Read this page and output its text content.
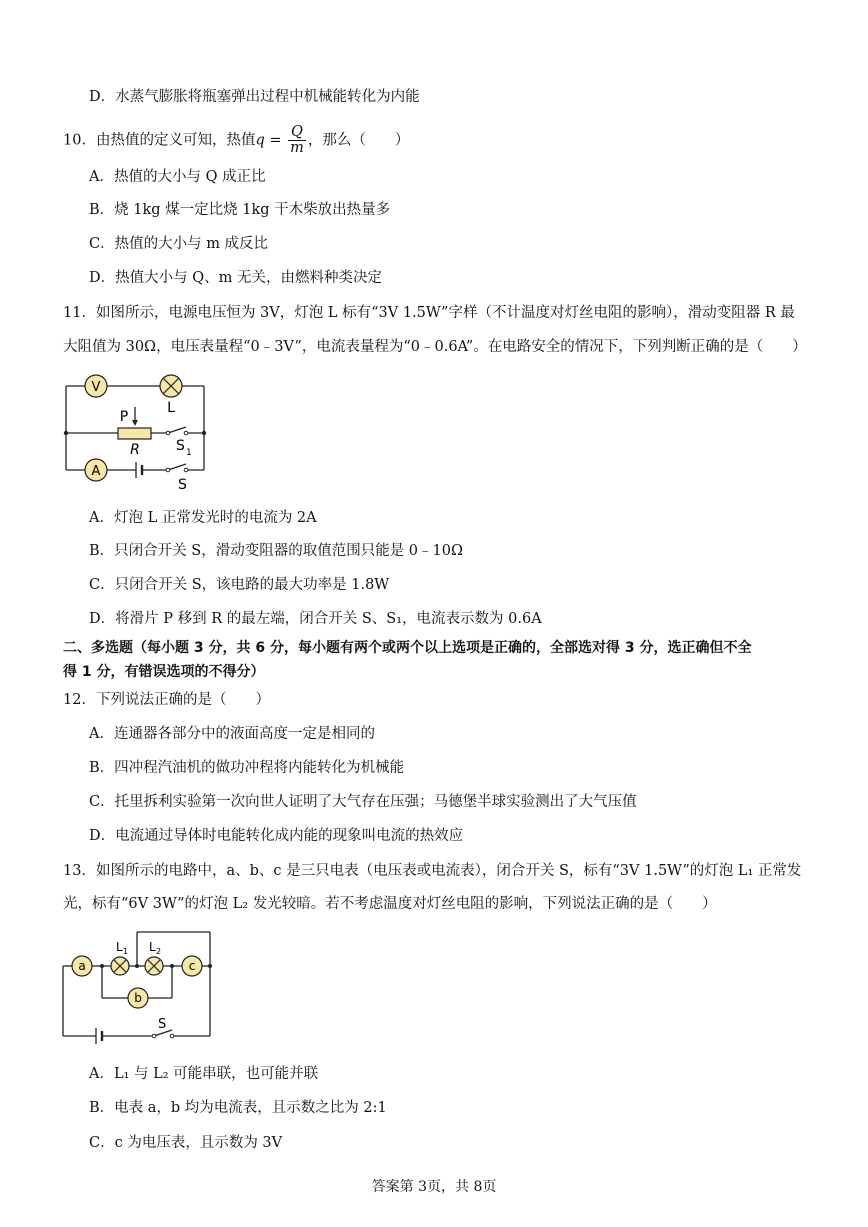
D．水蒸气膨胀将瓶塞弹出过程中机械能转化为内能
10．由热值的定义可知，热值$q = \frac{Q}{m}$ ，那么（　　）
A．热值的大小与 Q 成正比
B．烧 1kg 煤一定比烧 1kg 干木柴放出热量多
C．热值的大小与 m 成反比
D．热值大小与 Q、m 无关，由燃料种类决定
11．如图所示，电源电压恒为 3V，灯泡 L 标有“3V 1.5W”字样（不计温度对灯丝电阻的影响），滑动变阻器 R 最
大阻值为 30Ω，电压表量程“0﹣3V”，电流表量程为“0﹣0.6A”。在电路安全的情况下，下列判断正确的是（　　）
V
A
L
P
R	S 1
S
A．灯泡 L 正常发光时的电流为 2A
B．只闭合开关 S，滑动变阻器的取值范围只能是 0﹣10Ω
C．只闭合开关 S，该电路的最大功率是 1.8W
D．将滑片 P 移到 R 的最左端，闭合开关 S、S₁，电流表示数为 0.6A
二、多选题（每小题 3 分，共 6 分，每小题有两个或两个以上选项是正确的，全部选对得 3 分，选正确但不全
得 1 分，有错误选项的不得分）
12．下列说法正确的是（　　）
A．连通器各部分中的液面高度一定是相同的
B．四冲程汽油机的做功冲程将内能转化为机械能
C．托里拆利实验第一次向世人证明了大气存在压强；马德堡半球实验测出了大气压值
D．电流通过导体时电能转化成内能的现象叫电流的热效应
13．如图所示的电路中，a、b、c 是三只电表（电压表或电流表），闭合开关 S，标有“3V 1.5W”的灯泡 L₁ 正常发
光，标有“6V 3W”的灯泡 L₂ 发光较暗。若不考虑温度对灯丝电阻的影响，下列说法正确的是（　　）
a	c
b
L 1 L 2
S
A．L₁ 与 L₂ 可能串联，也可能并联
B．电表 a，b 均为电流表，且示数之比为 2:1
C．c 为电压表，且示数为 3V
答案第 3页，共 8页
